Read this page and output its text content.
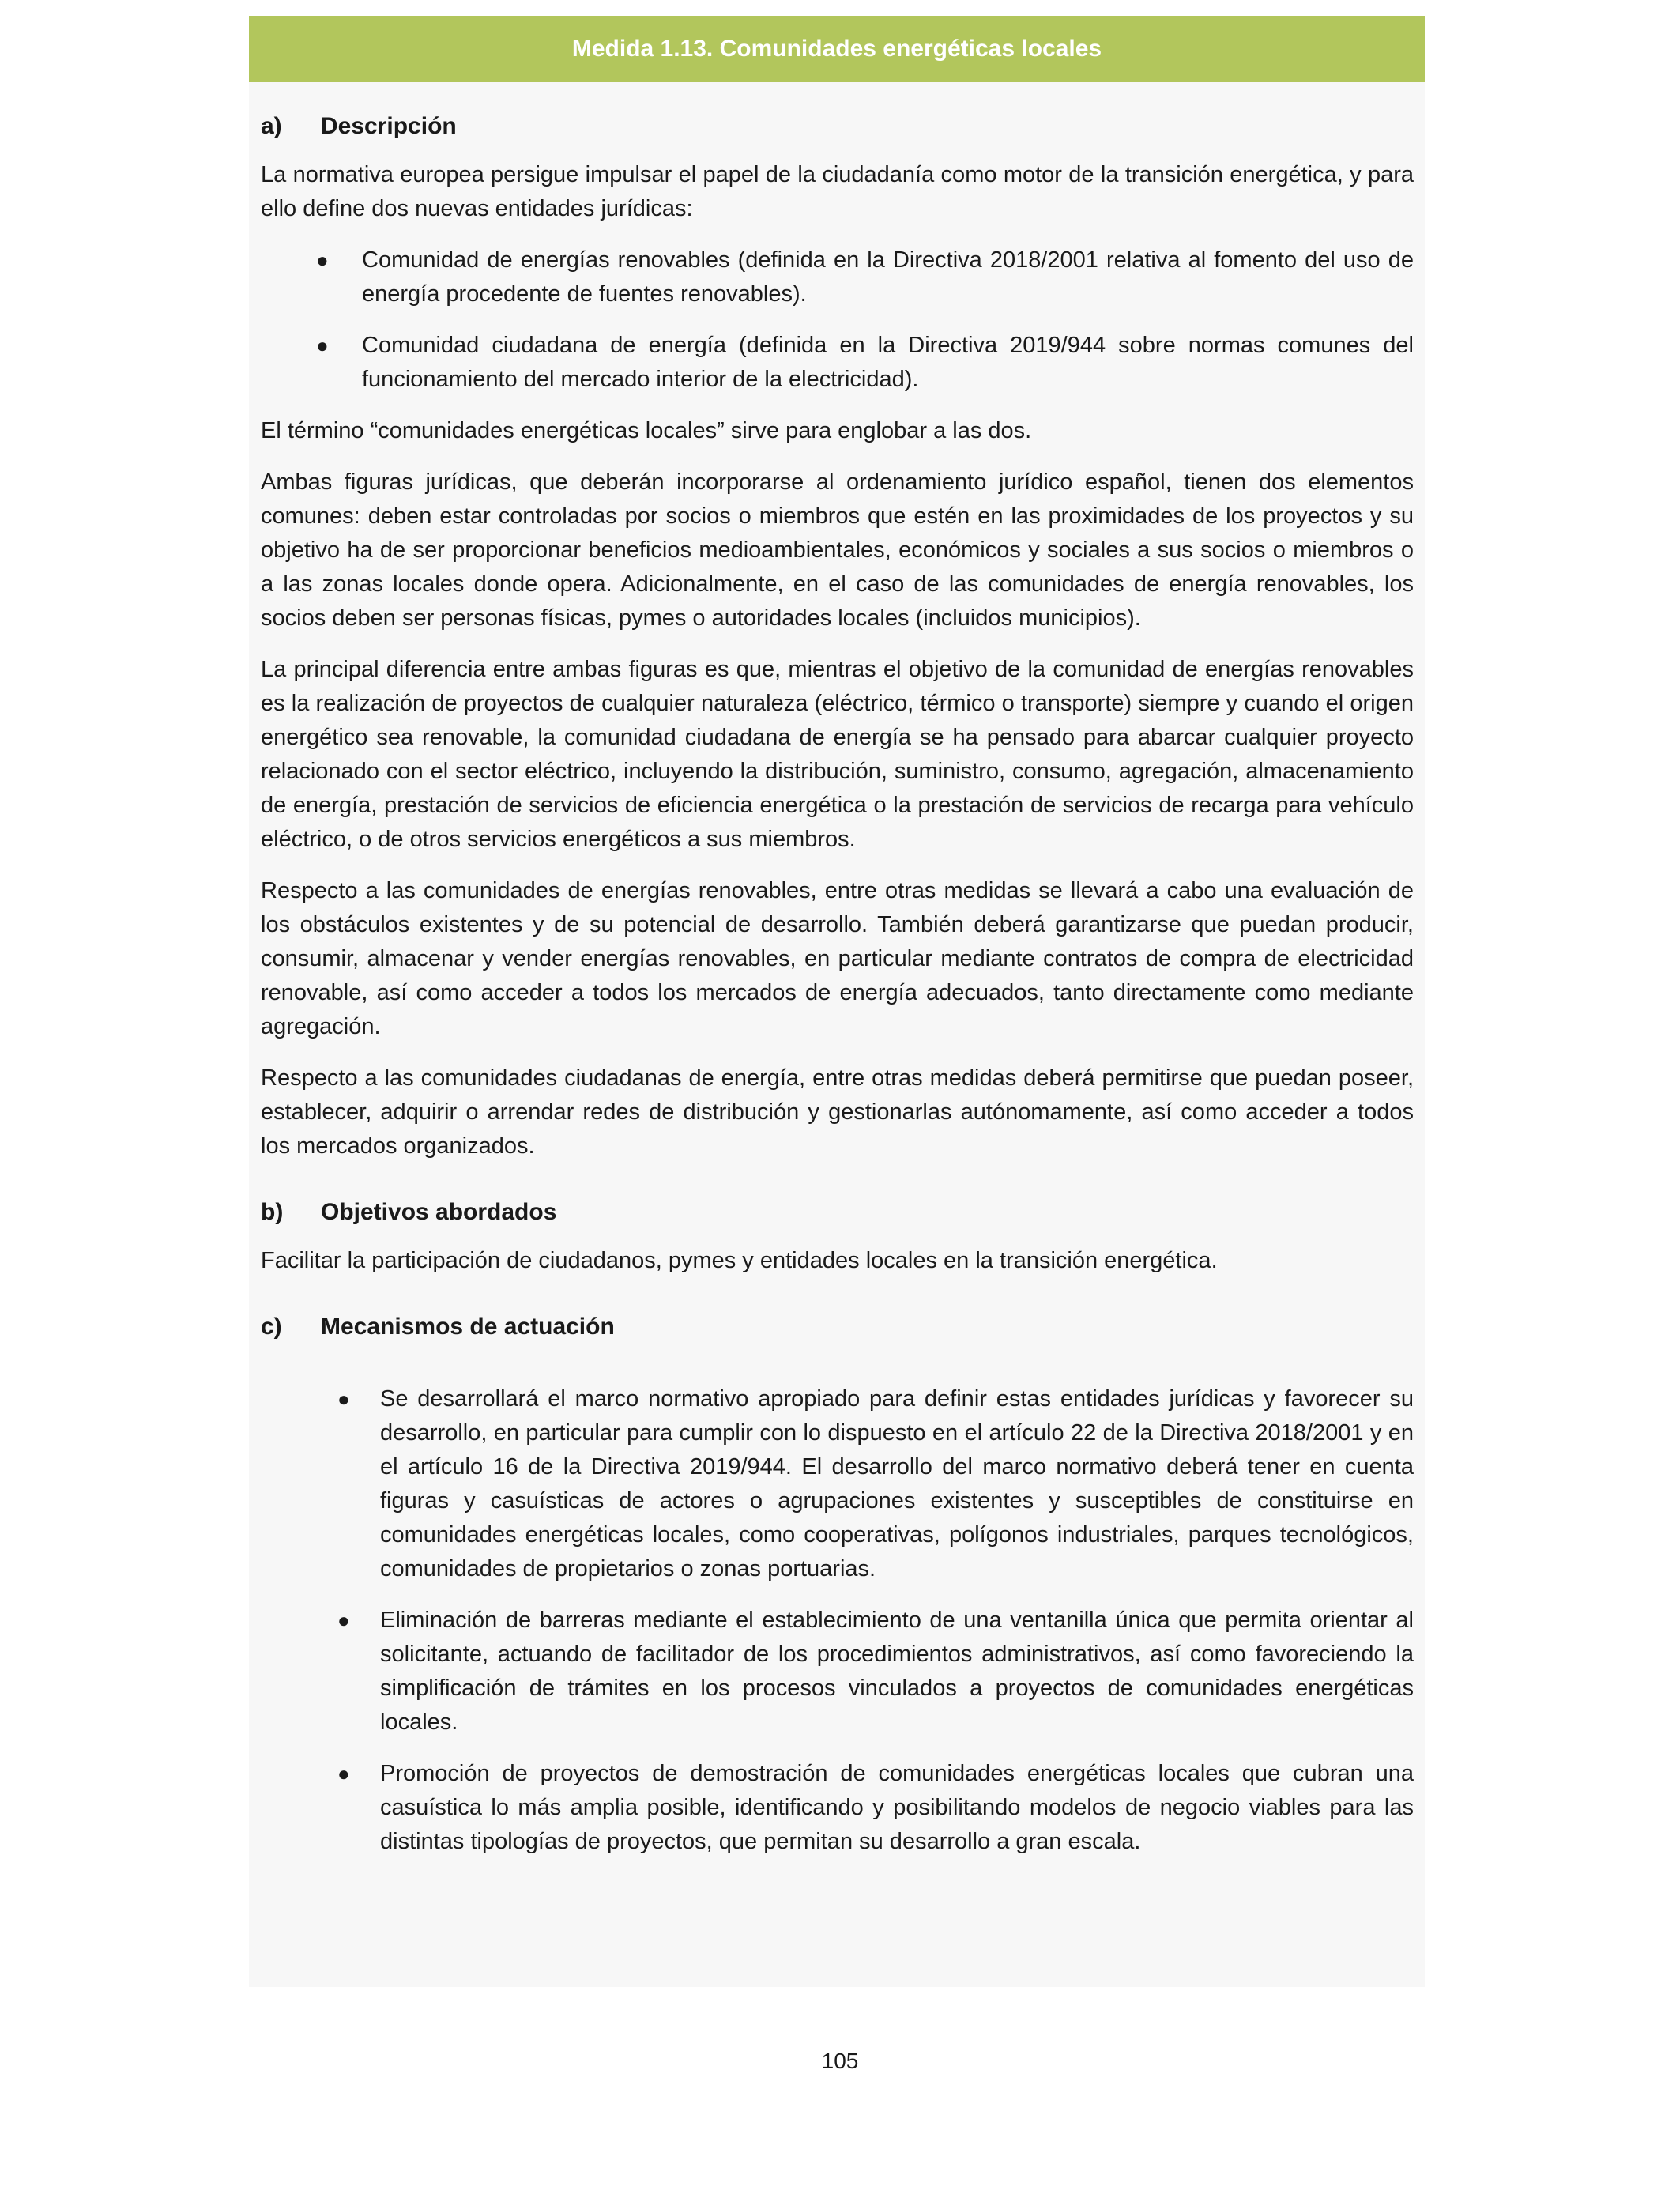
Medida 1.13. Comunidades energéticas locales
a)	Descripción

La normativa europea persigue impulsar el papel de la ciudadanía como motor de la transición energética, y para ello define dos nuevas entidades jurídicas:

● Comunidad de energías renovables (definida en la Directiva 2018/2001 relativa al fomento del uso de energía procedente de fuentes renovables).
● Comunidad ciudadana de energía (definida en la Directiva 2019/944 sobre normas comunes del funcionamiento del mercado interior de la electricidad).

El término “comunidades energéticas locales” sirve para englobar a las dos.

Ambas figuras jurídicas, que deberán incorporarse al ordenamiento jurídico español, tienen dos elementos comunes: deben estar controladas por socios o miembros que estén en las proximidades de los proyectos y su objetivo ha de ser proporcionar beneficios medioambientales, económicos y sociales a sus socios o miembros o a las zonas locales donde opera. Adicionalmente, en el caso de las comunidades de energía renovables, los socios deben ser personas físicas, pymes o autoridades locales (incluidos municipios).

La principal diferencia entre ambas figuras es que, mientras el objetivo de la comunidad de energías renovables es la realización de proyectos de cualquier naturaleza (eléctrico, térmico o transporte) siempre y cuando el origen energético sea renovable, la comunidad ciudadana de energía se ha pensado para abarcar cualquier proyecto relacionado con el sector eléctrico, incluyendo la distribución, suministro, consumo, agregación, almacenamiento de energía, prestación de servicios de eficiencia energética o la prestación de servicios de recarga para vehículo eléctrico, o de otros servicios energéticos a sus miembros.

Respecto a las comunidades de energías renovables, entre otras medidas se llevará a cabo una evaluación de los obstáculos existentes y de su potencial de desarrollo. También deberá garantizarse que puedan producir, consumir, almacenar y vender energías renovables, en particular mediante contratos de compra de electricidad renovable, así como acceder a todos los mercados de energía adecuados, tanto directamente como mediante agregación.

Respecto a las comunidades ciudadanas de energía, entre otras medidas deberá permitirse que puedan poseer, establecer, adquirir o arrendar redes de distribución y gestionarlas autónomamente, así como acceder a todos los mercados organizados.

b)	Objetivos abordados

Facilitar la participación de ciudadanos, pymes y entidades locales en la transición energética.

c)	Mecanismos de actuación
● Se desarrollará el marco normativo apropiado para definir estas entidades jurídicas y favorecer su desarrollo, en particular para cumplir con lo dispuesto en el artículo 22 de la Directiva 2018/2001 y en el artículo 16 de la Directiva 2019/944. El desarrollo del marco normativo deberá tener en cuenta figuras y casuísticas de actores o agrupaciones existentes y susceptibles de constituirse en comunidades energéticas locales, como cooperativas, polígonos industriales, parques tecnológicos, comunidades de propietarios o zonas portuarias.
● Eliminación de barreras mediante el establecimiento de una ventanilla única que permita orientar al solicitante, actuando de facilitador de los procedimientos administrativos, así como favoreciendo la simplificación de trámites en los procesos vinculados a proyectos de comunidades energéticas locales.
● Promoción de proyectos de demostración de comunidades energéticas locales que cubran una casuística lo más amplia posible, identificando y posibilitando modelos de negocio viables para las distintas tipologías de proyectos, que permitan su desarrollo a gran escala.
105
